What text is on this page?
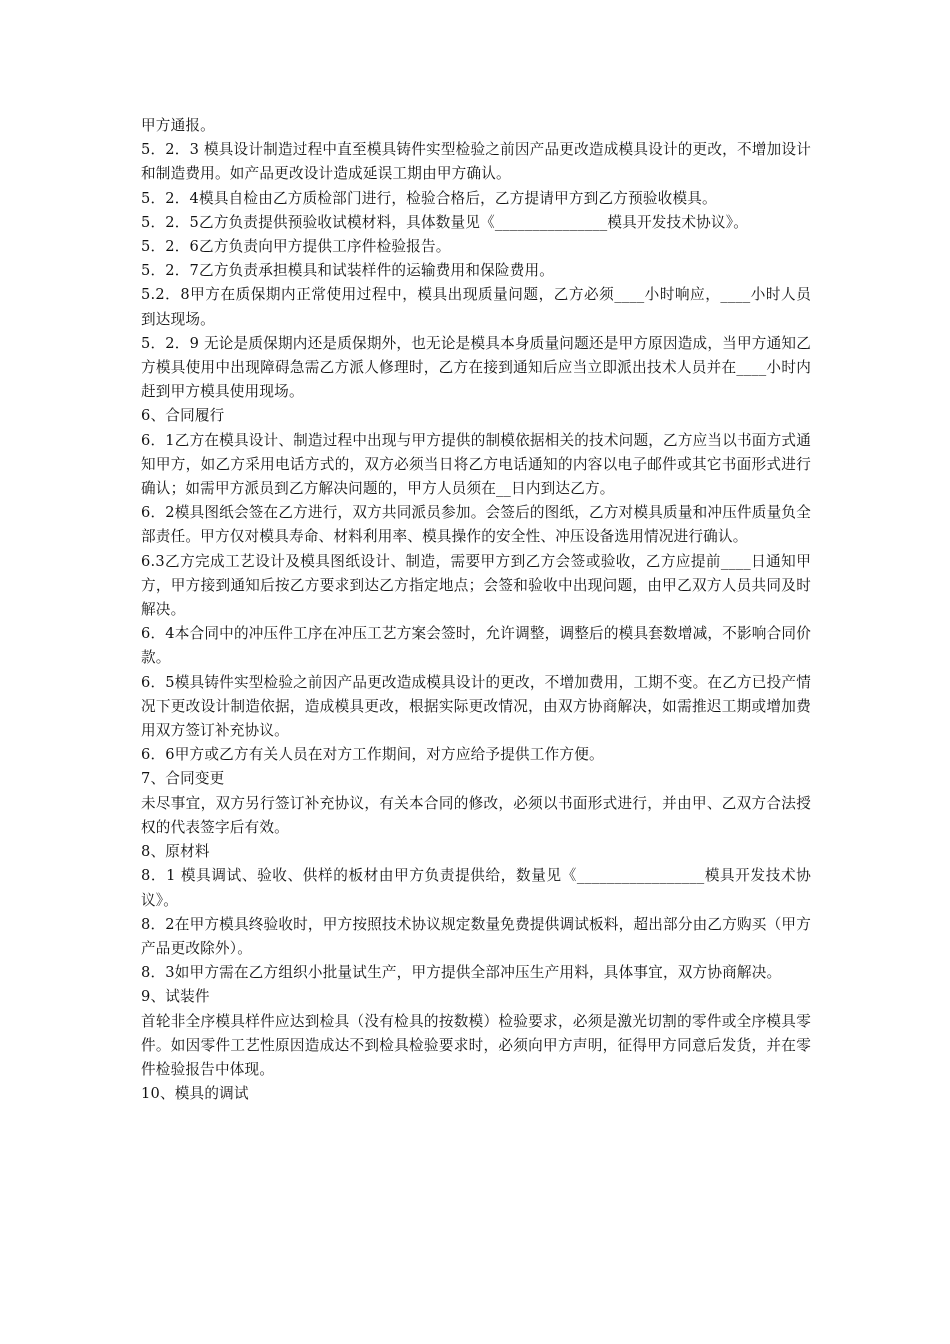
甲方通报。

5．2．3 模具设计制造过程中直至模具铸件实型检验之前因产品更改造成模具设计的更改，不增加设计和制造费用。如产品更改设计造成延误工期由甲方确认。

5．2．4模具自检由乙方质检部门进行，检验合格后，乙方提请甲方到乙方预验收模具。

5．2．5乙方负责提供预验收试模材料，具体数量见《_______________模具开发技术协议》。

5．2．6乙方负责向甲方提供工序件检验报告。

5．2．7乙方负责承担模具和试装样件的运输费用和保险费用。

5.2．8甲方在质保期内正常使用过程中，模具出现质量问题，乙方必须____小时响应，____小时人员到达现场。

5．2．9 无论是质保期内还是质保期外，也无论是模具本身质量问题还是甲方原因造成，当甲方通知乙方模具使用中出现障碍急需乙方派人修理时，乙方在接到通知后应当立即派出技术人员并在____小时内赶到甲方模具使用现场。

6、合同履行

6．1乙方在模具设计、制造过程中出现与甲方提供的制模依据相关的技术问题，乙方应当以书面方式通知甲方，如乙方采用电话方式的，双方必须当日将乙方电话通知的内容以电子邮件或其它书面形式进行确认；如需甲方派员到乙方解决问题的，甲方人员须在__日内到达乙方。

6．2模具图纸会签在乙方进行，双方共同派员参加。会签后的图纸，乙方对模具质量和冲压件质量负全部责任。甲方仅对模具寿命、材料利用率、模具操作的安全性、冲压设备选用情况进行确认。

6.3乙方完成工艺设计及模具图纸设计、制造，需要甲方到乙方会签或验收，乙方应提前____日通知甲方，甲方接到通知后按乙方要求到达乙方指定地点；会签和验收中出现问题，由甲乙双方人员共同及时解决。

6．4本合同中的冲压件工序在冲压工艺方案会签时，允许调整，调整后的模具套数增减，不影响合同价款。

6．5模具铸件实型检验之前因产品更改造成模具设计的更改，不增加费用，工期不变。在乙方已投产情况下更改设计制造依据，造成模具更改，根据实际更改情况，由双方协商解决，如需推迟工期或增加费用双方签订补充协议。

6．6甲方或乙方有关人员在对方工作期间，对方应给予提供工作方便。

7、合同变更

未尽事宜，双方另行签订补充协议，有关本合同的修改，必须以书面形式进行，并由甲、乙双方合法授权的代表签字后有效。

8、原材料

8．1 模具调试、验收、供样的板材由甲方负责提供给，数量见《_________________模具开发技术协议》。

8．2在甲方模具终验收时，甲方按照技术协议规定数量免费提供调试板料，超出部分由乙方购买（甲方产品更改除外）。

8．3如甲方需在乙方组织小批量试生产，甲方提供全部冲压生产用料，具体事宜，双方协商解决。

9、试装件

首轮非全序模具样件应达到检具（没有检具的按数模）检验要求，必须是激光切割的零件或全序模具零件。如因零件工艺性原因造成达不到检具检验要求时，必须向甲方声明，征得甲方同意后发货，并在零件检验报告中体现。

10、模具的调试
